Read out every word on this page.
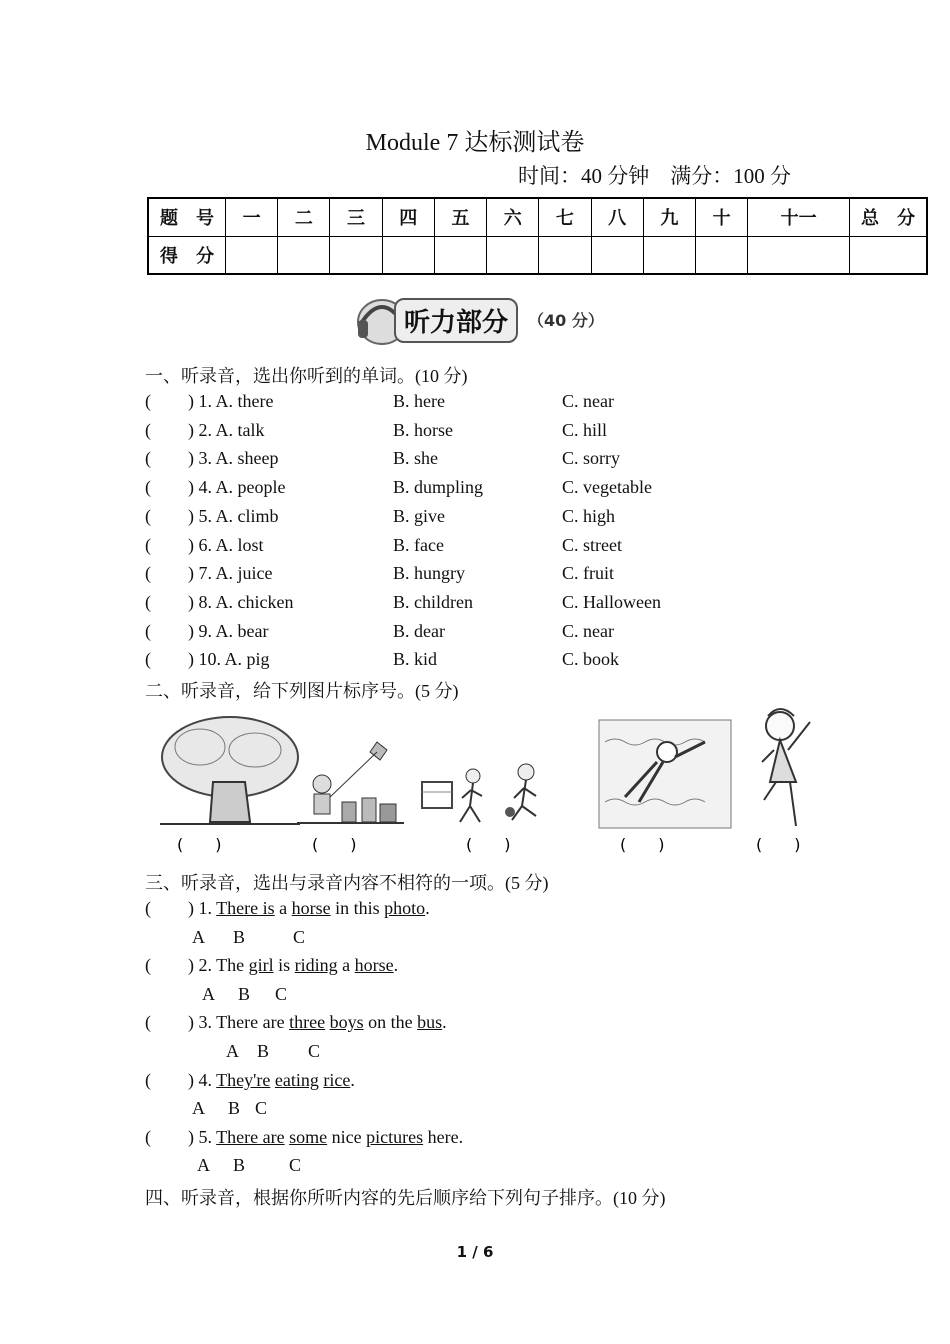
Module 7 达标测试卷
时间：40 分钟　满分：100 分
题　号	一	二	三	四	五	六	七	八	九	十	十一	总　分
得　分												
听力部分	（40 分）
一、听录音，选出你听到的单词。(10 分)
( ) 1. A. there	B. here	C. near
( ) 2. A. talk	B. horse	C. hill
( ) 3. A. sheep	B. she	C. sorry
( ) 4. A. people	B. dumpling	C. vegetable
( ) 5. A. climb	B. give	C. high
( ) 6. A. lost	B. face	C. street
( ) 7. A. juice	B. hungry	C. fruit
( ) 8. A. chicken	B. children	C. Halloween
( ) 9. A. bear	B. dear	C. near
( ) 10. A. pig	B. kid	C. book
二、听录音，给下列图片标序号。(5 分)
(　　)	(　　)	(　　)	(　　)	(　　)
三、听录音，选出与录音内容不相符的一项。(5 分)
( ) 1. There is a horse in this photo.
A B	C
( ) 2. The girl is riding a horse.
A B C
( ) 3. There are three boys on the bus.
A B C
( ) 4. They're eating rice.
A B C
( ) 5. There are some nice pictures here.
A B C
四、听录音，根据你所听内容的先后顺序给下列句子排序。(10 分)
1 / 6
